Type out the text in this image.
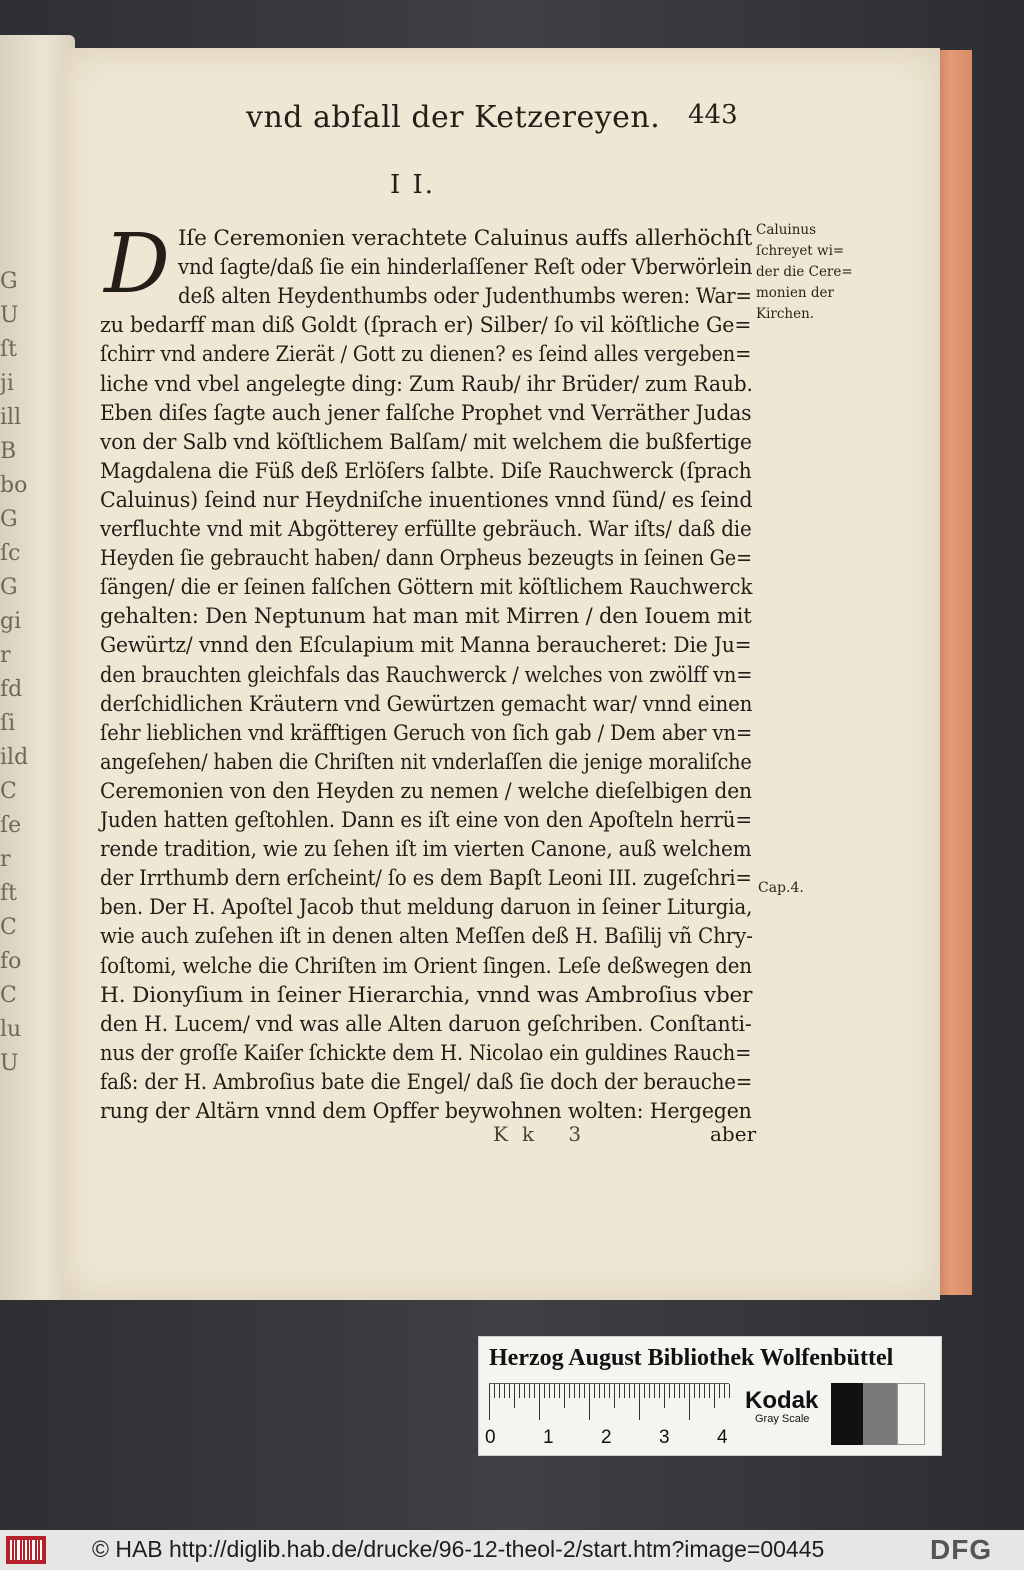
G
U
ſt
ji
ill
B
bo
G
ſc
G
gi
r
fd
ſi
ild
C
ſe
r
ft
C
fo
C
lu
U
vnd abfall der Ketzereyen. 443
I I.
D Iſe Ceremonien verachtete Caluinus auffs allerhöchſt
vnd ſagte/daß ſie ein hinderlaſſener Reſt oder Vberwörlein
deß alten Heydenthumbs oder Judenthumbs weren: War=
zu bedarff man diß Goldt (ſprach er) Silber/ ſo vil köſtliche Ge=
ſchirr vnd andere Zierät / Gott zu dienen? es ſeind alles vergeben=
liche vnd vbel angelegte ding: Zum Raub/ ihr Brüder/ zum Raub.
Eben diſes ſagte auch jener falſche Prophet vnd Verräther Judas
von der Salb vnd köſtlichem Balſam/ mit welchem die bußfertige
Magdalena die Füß deß Erlöſers ſalbte. Diſe Rauchwerck (ſprach
Caluinus) ſeind nur Heydniſche inuentiones vnnd ſünd/ es ſeind
verfluchte vnd mit Abgötterey erfüllte gebräuch. War iſts/ daß die
Heyden ſie gebraucht haben/ dann Orpheus bezeugts in ſeinen Ge=
ſängen/ die er ſeinen falſchen Göttern mit köſtlichem Rauchwerck
gehalten: Den Neptunum hat man mit Mirren / den Iouem mit
Gewürtz/ vnnd den Eſculapium mit Manna beraucheret: Die Ju=
den brauchten gleichfals das Rauchwerck / welches von zwölff vn=
derſchidlichen Kräutern vnd Gewürtzen gemacht war/ vnnd einen
ſehr lieblichen vnd kräfftigen Geruch von ſich gab / Dem aber vn=
angeſehen/ haben die Chriſten nit vnderlaſſen die jenige moraliſche
Ceremonien von den Heyden zu nemen / welche dieſelbigen den
Juden hatten geſtohlen. Dann es iſt eine von den Apoſteln herrü=
rende tradition, wie zu ſehen iſt im vierten Canone, auß welchem
der Irrthumb dern erſcheint/ ſo es dem Bapſt Leoni III. zugeſchri=
ben. Der H. Apoſtel Jacob thut meldung daruon in ſeiner Liturgia,
wie auch zuſehen iſt in denen alten Meſſen deß H. Baſilij vñ Chry-
ſoſtomi, welche die Chriſten im Orient ſingen. Leſe deßwegen den
H. Dionyſium in ſeiner Hierarchia, vnnd was Ambroſius vber
den H. Lucem/ vnd was alle Alten daruon geſchriben. Conſtanti-
nus der groſſe Kaiſer ſchickte dem H. Nicolao ein guldines Rauch=
faß: der H. Ambroſius bate die Engel/ daß ſie doch der berauche=
rung der Altärn vnnd dem Opffer beywohnen wolten: Hergegen
Caluinus
ſchreyet wi=
der die Cere=
monien der
Kirchen.
Cap.4.
Kk 3	aber
Herzog August Bibliothek Wolfenbüttel
0 1 2 3 4
Kodak
Gray Scale
© HAB http://diglib.hab.de/drucke/96-12-theol-2/start.htm?image=00445	DFG
